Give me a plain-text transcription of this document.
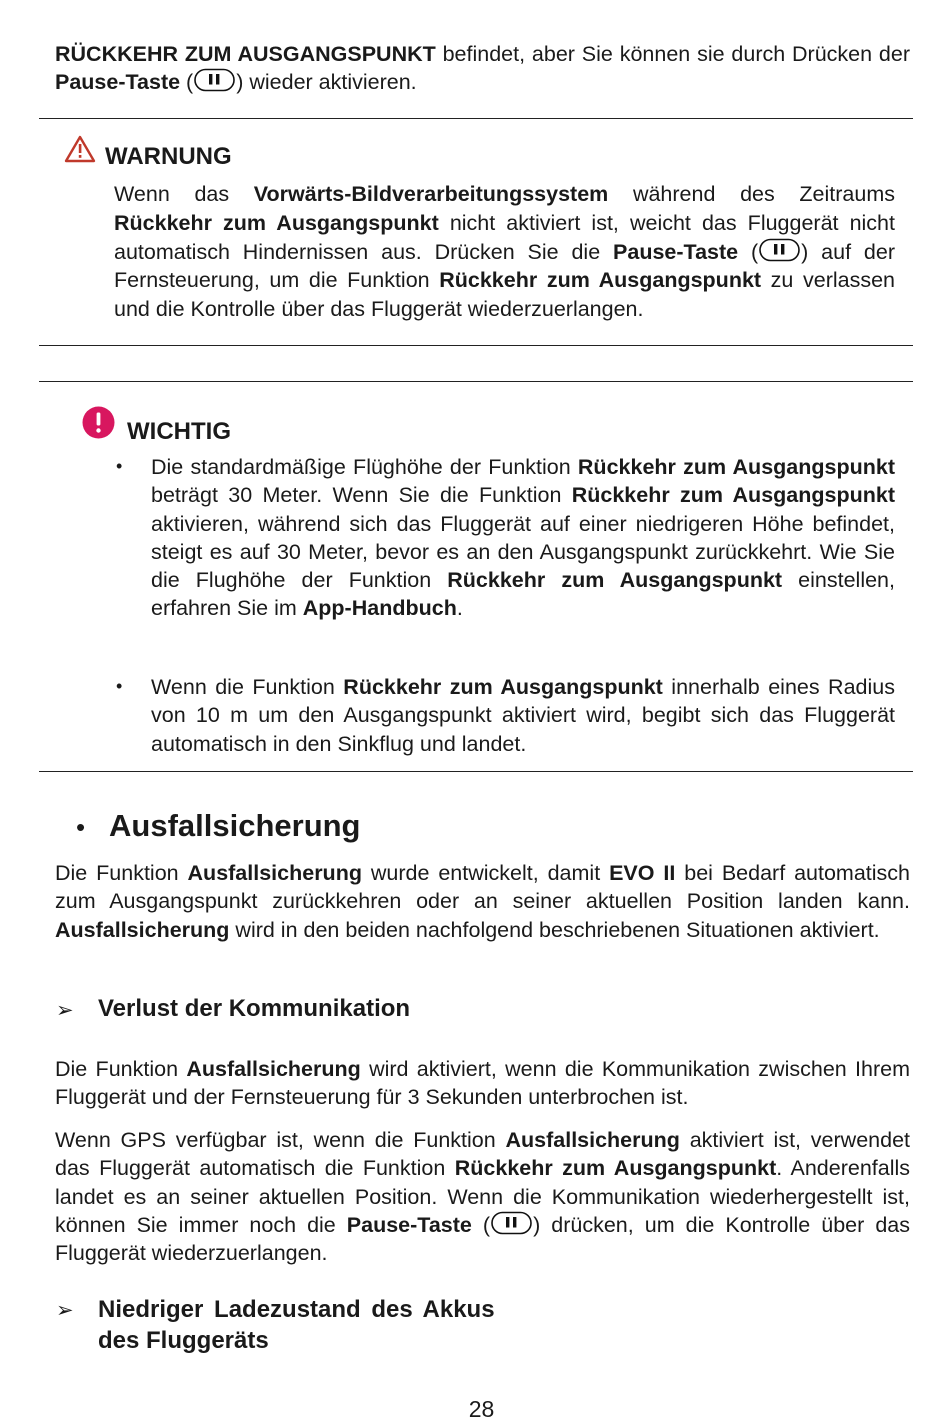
RÜCKKEHR ZUM AUSGANGSPUNKT befindet, aber Sie können sie durch Drücken der Pause-Taste ( ) wieder aktivieren.

WARNUNG

Wenn das Vorwärts-Bildverarbeitungssystem während des Zeitraums Rückkehr zum Ausgangspunkt nicht aktiviert ist, weicht das Fluggerät nicht automatisch Hindernissen aus. Drücken Sie die Pause-Taste ( ) auf der Fernsteuerung, um die Funktion Rückkehr zum Ausgangspunkt zu verlassen und die Kontrolle über das Fluggerät wiederzuerlangen.

WICHTIG
• Die standardmäßige Flüghöhe der Funktion Rückkehr zum Ausgangspunkt beträgt 30 Meter. Wenn Sie die Funktion Rückkehr zum Ausgangspunkt aktivieren, während sich das Fluggerät auf einer niedrigeren Höhe befindet, steigt es auf 30 Meter, bevor es an den Ausgangspunkt zurückkehrt. Wie Sie die Flughöhe der Funktion Rückkehr zum Ausgangspunkt einstellen, erfahren Sie im App-Handbuch.

• Wenn die Funktion Rückkehr zum Ausgangspunkt innerhalb eines Radius von 10 m um den Ausgangspunkt aktiviert wird, begibt sich das Fluggerät automatisch in den Sinkflug und landet.

• Ausfallsicherung

Die Funktion Ausfallsicherung wurde entwickelt, damit EVO II bei Bedarf automatisch zum Ausgangspunkt zurückkehren oder an seiner aktuellen Position landen kann. Ausfallsicherung wird in den beiden nachfolgend beschriebenen Situationen aktiviert.

➢ Verlust der Kommunikation

Die Funktion Ausfallsicherung wird aktiviert, wenn die Kommunikation zwischen Ihrem Fluggerät und der Fernsteuerung für 3 Sekunden unterbrochen ist.

Wenn GPS verfügbar ist, wenn die Funktion Ausfallsicherung aktiviert ist, verwendet das Fluggerät automatisch die Funktion Rückkehr zum Ausgangspunkt. Anderenfalls landet es an seiner aktuellen Position. Wenn die Kommunikation wiederhergestellt ist, können Sie immer noch die Pause-Taste ( ) drücken, um die Kontrolle über das Fluggerät wiederzuerlangen.

➢ Niedriger Ladezustand des Akkus
des Fluggeräts
28
